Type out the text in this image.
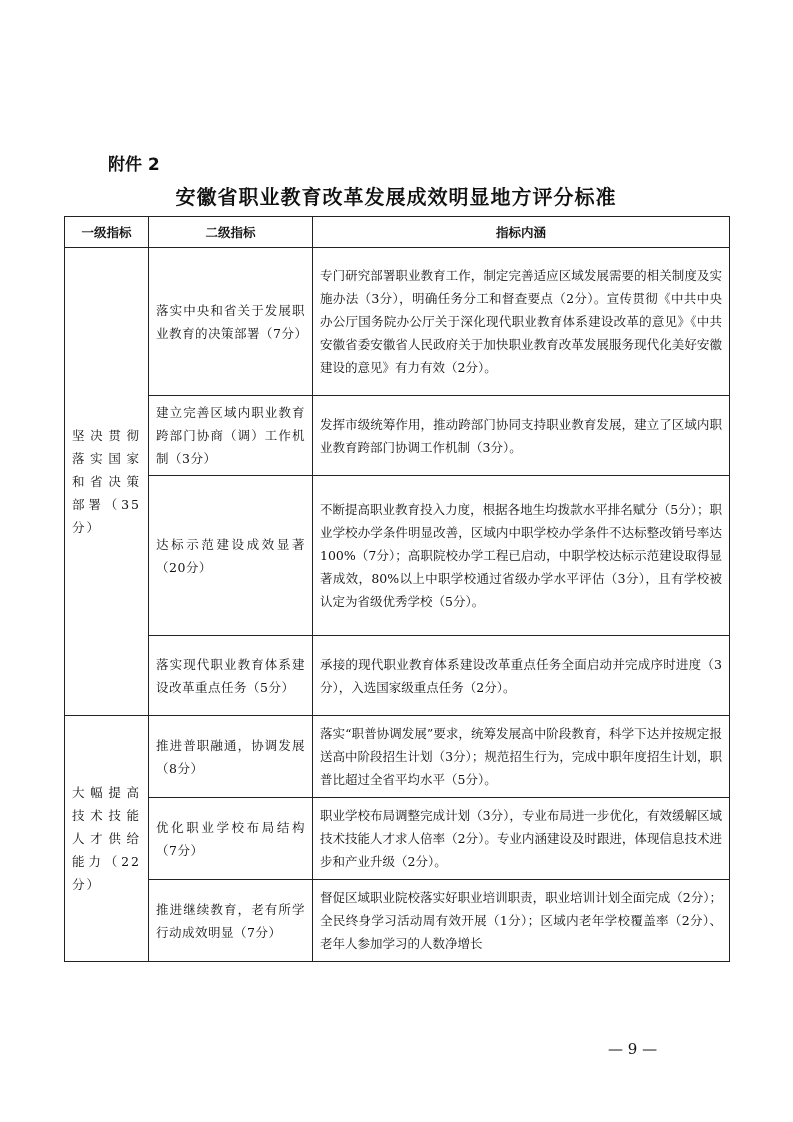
附件 2
安徽省职业教育改革发展成效明显地方评分标准
一级指标	二级指标	指标内涵
坚决贯彻落实国家和省决策部署（35分）	落实中央和省关于发展职业教育的决策部署（7分）	专门研究部署职业教育工作，制定完善适应区域发展需要的相关制度及实施办法（3分），明确任务分工和督查要点（2分）。宣传贯彻《中共中央办公厅国务院办公厅关于深化现代职业教育体系建设改革的意见》《中共安徽省委安徽省人民政府关于加快职业教育改革发展服务现代化美好安徽建设的意见》有力有效（2分）。
	建立完善区域内职业教育跨部门协商（调）工作机制（3分）	发挥市级统筹作用，推动跨部门协同支持职业教育发展，建立了区域内职业教育跨部门协调工作机制（3分）。
	达标示范建设成效显著（20分）	不断提高职业教育投入力度，根据各地生均拨款水平排名赋分（5分）；职业学校办学条件明显改善，区域内中职学校办学条件不达标整改销号率达 100%（7分）；高职院校办学工程已启动，中职学校达标示范建设取得显著成效，80%以上中职学校通过省级办学水平评估（3分），且有学校被认定为省级优秀学校（5分）。
	落实现代职业教育体系建设改革重点任务（5分）	承接的现代职业教育体系建设改革重点任务全面启动并完成序时进度（3分），入选国家级重点任务（2分）。
大幅提高技术技能人才供给能力（22分）	推进普职融通，协调发展（8分）	落实“职普协调发展”要求，统筹发展高中阶段教育，科学下达并按规定报送高中阶段招生计划（3分）；规范招生行为，完成中职年度招生计划，职普比超过全省平均水平（5分）。
	优化职业学校布局结构（7分）	职业学校布局调整完成计划（3分），专业布局进一步优化，有效缓解区域技术技能人才求人倍率（2分）。专业内涵建设及时跟进，体现信息技术进步和产业升级（2分）。
	推进继续教育，老有所学行动成效明显（7分）	督促区域职业院校落实好职业培训职责，职业培训计划全面完成（2分）；全民终身学习活动周有效开展（1分）；区域内老年学校覆盖率（2分）、老年人参加学习的人数净增长
— 9 —
